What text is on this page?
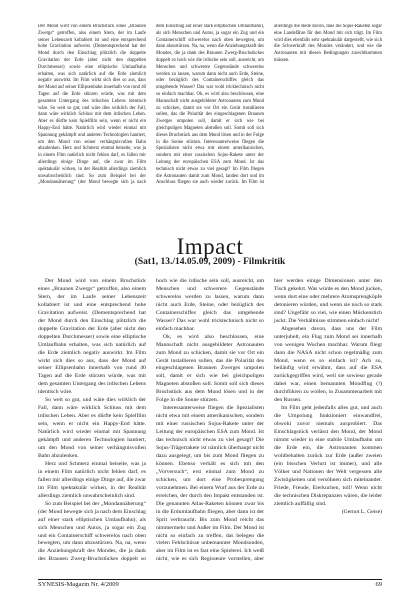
Der Mond wird von einem Bruchstück eines „Braunen Zwergs“ getroffen, also einem Stern, der im Laufe seiner Lebenszeit kollabiert ist und eine entsprechend hohe Gravitation aufweist. (Dementsprechend hat der Mond durch den Einschlag plötzlich die doppelte Gravitation der Erde (aber nicht den doppelten Durchmesser) sowie eine elliptische Umlaufbahn erhalten, was sich natürlich auf die Erde ziemlich negativ auswirkt. Im Film wirkt sich dies so aus, dass der Mond auf seiner Ellipsenbahn innerhalb von rund 40 Tagen auf die Erde stürzen würde, was mit dem gesamten Untergang des irdischen Lebens identisch wäre. So weit so gut, und wäre dies wirklich der Fall, dann wäre wirklich Schluss mit dem irdischen Leben. Aber es dürfte kein Spielfilm sein, wenn er nicht ein Happy-End hätte. Natürlich wird wieder einmal mit Spannung gekämpft und anderen Technologien hantiert, um den Mond von seiner verhängnisvollen Bahn abzulenken. Herz und Schmerz einmal beiseite, was ja in einem Film natürlich nicht fehlen darf, es fallen mir allerdings einige Dinge auf, die zwar im Film spektakulär wirken, in der Realität allerdings ziemlich unwahrscheinlich sind. So zum Beispiel bei der „Mondannäherung“ (der Mond bewegte sich ja nach dem Einschlag auf einer stark elliptischen Umlaufbahn), als sich Menschen und Autos, ja sogar ein Zug und ein Containerschiff schwerelos nach oben bewegten, um dann abzustürzen. Na, na, wenn die Anziehungskraft des Mondes, die ja dank des Braunen Zwerg-Bruchstückes doppelt so hoch wie die irdische sein soll, ausreicht, um Menschen und schwerere Gegenstände schwerelos werden zu lassen, warum dann nicht auch Erde, Steine, oder bezüglich des Containerschiffes gleich das umgebende Wasser? Das war wohl tricktechnisch nicht so einfach machbar. Ok, es wird also beschlossen, eine Mannschaft nicht ausgebildeter Astronauten zum Mond zu schicken, damit sie vor Ort ein Gerät installieren sollen, das die Polarität des eingeschlagenen Braunen Zwerges umpolen soll, damit er sich wie bei gleichpoligen Magneten abstoßen soll. Somit soll sich dieses Bruchstück aus dem Mond lösen und in der Folge in die Sonne stürzen. Interessanterweise fliegen die Spezialisten nicht etwa mit einem amerikanischen, sondern mit einer russischen Sojus-Rakete unter der Leitung der europäischen ESA zum Mond. Ist das technisch nicht etwas zu viel gesagt? Im Film fliegen die Astronauten damit zum Mond, landen dort und im Anschluss fliegen sie auch wieder zurück. Im Film ist allerdings die Rede davon, dass die Sojus-Raketen sogar eine Landefähre für den Mond mit sich trägt. Im Film wird dies ebenfalls sehr spektakulär dargestellt, wie sich die Schwerkraft des Mondes verändert, und wie die Astronauten mit diesen Bedingungen zurechtkommen müssen.

Impact
(Sat1, 13./14.05.09, 2009) - Filmkritik

Der Mond wird von einem Bruchstück eines „Braunen Zwergs“ getroffen, also einem Stern, der im Laufe seiner Lebenszeit kollabiert ist und eine entsprechend hohe Gravitation aufweist. (Dementsprechend hat der Mond durch den Einschlag plötzlich die doppelte Gravitation der Erde (aber nicht den doppelten Durchmesser) sowie eine elliptische Umlaufbahn erhalten, was sich natürlich auf die Erde ziemlich negativ auswirkt. Im Film wirkt sich dies so aus, dass der Mond auf seiner Ellipsenbahn innerhalb von rund 40 Tagen auf die Erde stürzen würde, was mit dem gesamten Untergang des irdischen Lebens identisch wäre.

So weit so gut, und wäre dies wirklich der Fall, dann wäre wirklich Schluss mit dem irdischen Leben. Aber es dürfte kein Spielfilm sein, wenn er nicht ein Happy-End hätte. Natürlich wird wieder einmal mit Spannung gekämpft und anderen Technologien hantiert, um den Mond von seiner verhängnisvollen Bahn abzulenken.

Herz und Schmerz einmal beiseite, was ja in einem Film natürlich nicht fehlen darf, es fallen mir allerdings einige Dinge auf, die zwar im Film spektakulär wirken, in der Realität allerdings ziemlich unwahrscheinlich sind.

So zum Beispiel bei der „Mondannäherung“ (der Mond bewegte sich ja nach dem Einschlag auf einer stark elliptischen Umlaufbahn), als sich Menschen und Autos, ja sogar ein Zug und ein Containerschiff schwerelos nach oben bewegten, um dann abzustürzen. Na, na, wenn die Anziehungskraft des Mondes, die ja dank des Braunen Zwerg-Bruchstückes doppelt so hoch wie die irdische sein soll, ausreicht, um Menschen und schwerere Gegenstände schwerelos werden zu lassen, warum dann nicht auch Erde, Steine, oder bezüglich des Containerschiffes gleich das umgebende Wasser? Das war wohl tricktechnisch nicht so einfach machbar.

Ok, es wird also beschlossen, eine Mannschaft nicht ausgebildeter Astronauten zum Mond zu schicken, damit sie vor Ort ein Gerät installieren sollen, das die Polarität des eingeschlagenen Braunen Zwerges umpolen soll, damit er sich wie bei gleichpoligen Magneten abstoßen soll. Somit soll sich dieses Bruchstück aus dem Mond lösen und in der Folge in die Sonne stürzen.

Interessanterweise fliegen die Spezialisten nicht etwa mit einem amerikanischen, sondern mit einer russischen Sojus-Rakete unter der Leitung der europäischen ESA zum Mond. Ist das technisch nicht etwas zu viel gesagt? Die Sojus-Trägerrakete ist nämlich überhaupt nicht dazu ausgelegt, um bis zum Mond fliegen zu können. Ebenso verhält es sich mit den „Vorversuch“, erst einmal zum Mond zu schicken, um dort eine Probesprengung vorzunehmen. Bei einem Wurf aus der Erde zu erreichen, der durch den Impakt entstanden ist. Die genannten Atlas-Raketen können zwar bis in die Erdumlaufbahn fliegen, aber dann ist der Sprit verbraucht. Bis zum Mond reicht das nimmermehr und Außer im Film. Der Mond ist nicht so einfach zu treffen, das belegen die vielen Fehlschüsse unbemannter Mondsonden, aber im Film ist es fast eine Spielerei. Ich weiß nicht, wie es sich Regisseure vorstellen, aber hier werden einige Dimensionen unter den Tisch gekehrt. Was würde es den Mond jucken, wenn dort eine oder mehrere Atomsprengköpfe detonieren würden, und wenn sie noch so stark sind? Ungefähr so viel, wie einen Mückenstich juckt. Die Verhältnisse stimmen einfach nicht!

Abgesehen davon, dass uns der Film unterjubelt, ein Flug zum Mond sei innerhalb von wenigen Wochen machbar. Warum fliegt dann die NASA nicht schon regelmäßig zum Mond, wenn es so einfach ist? Ach so, beiläufig wird erwähnt, dass auf die ESA zurückgegriffen wird, weil sie sowieso gerade dabei war, einen bemannten Mondflug (!) durchführen zu wollen, in Zusammenarbeit mit den Russen.

Im Film geht jedenfalls alles gut, und auch die Umpolung funktioniert einwandfrei, obwohl zuvor niemals ausprobiert. Das Einschlagstück verlässt den Mond, der Mond nimmt wieder in eine stabile Umlaufbahn um die Erde ein, die Astronauten kommen wohlbehalten zurück zur Erde (außer zweien (ein bisschen Verlust ist immer), und alle Völker und Nationen der Welt vergessen alle Zwistigkeiten und versöhnen sich miteinander. Friede, Freude, Eierkuchen, toll! Wenn nicht die technischen Diskrepanzen wären, die leider ziemlich auffällig sind.

(Gernot L. Geise)
SYNESIS-Magazin Nr. 4/2009	69
